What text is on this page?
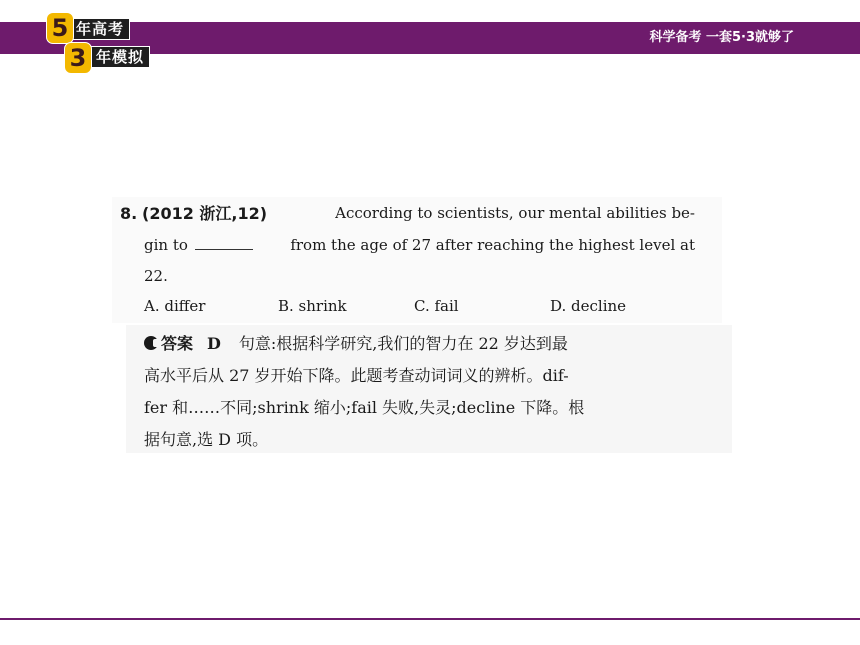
科学备考 一套5·3就够了
年高考
年模拟
5
3
8. (2012 浙江,12)	According to scientists, our mental abilities be-
gin to	from the age of 27 after reaching the highest level at
22.
A. differ	B. shrink	C. fail	D. decline
答案 D 句意:根据科学研究,我们的智力在 22 岁达到最
高水平后从 27 岁开始下降。此题考查动词词义的辨析。dif-
fer 和……不同;shrink 缩小;fail 失败,失灵;decline 下降。根
据句意,选 D 项。
